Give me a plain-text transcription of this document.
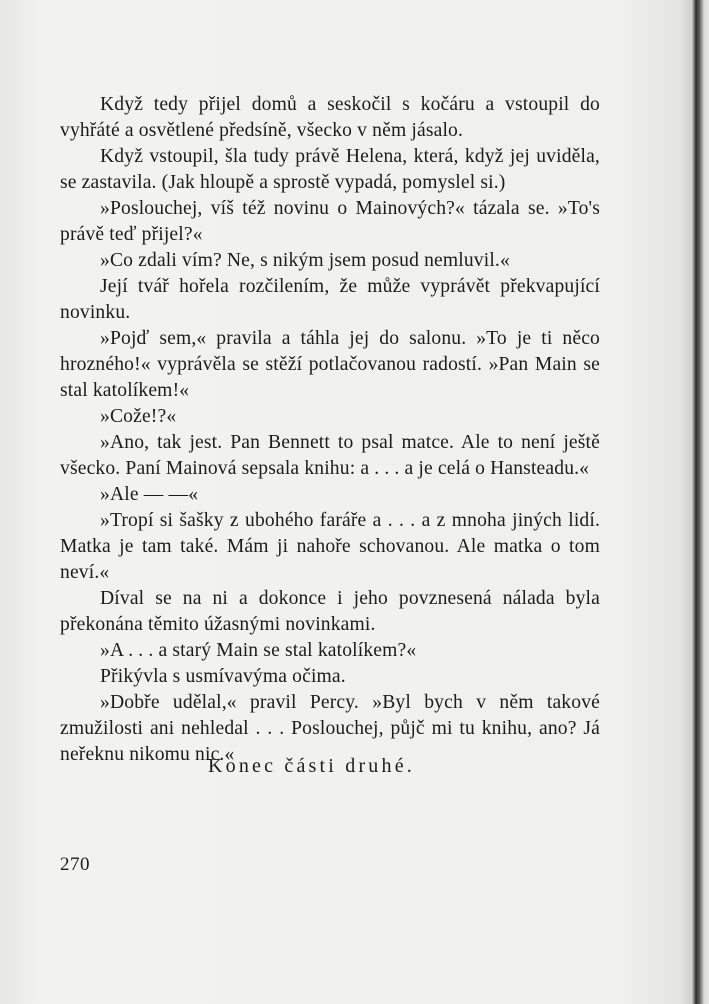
Když tedy přijel domů a seskočil s kočáru a vstoupil do vyhřáté a osvětlené předsíně, všecko v něm jásalo.

Když vstoupil, šla tudy právě Helena, která, když jej uviděla, se zastavila. (Jak hloupě a sprostě vypadá, pomyslel si.)

»Poslouchej, víš též novinu o Mainových?« tázala se. »To's právě teď přijel?«

»Co zdali vím? Ne, s nikým jsem posud nemluvil.«

Její tvář hořela rozčilením, že může vyprávět překvapující novinku.

»Pojď sem,« pravila a táhla jej do salonu. »To je ti něco hrozného!« vyprávěla se stěží potlačovanou radostí. »Pan Main se stal katolíkem!«

»Cože!?«

»Ano, tak jest. Pan Bennett to psal matce. Ale to není ještě všecko. Paní Mainová sepsala knihu: a . . . a je celá o Hansteadu.«

»Ale — —«

»Tropí si šašky z ubohého faráře a . . . a z mnoha jiných lidí. Matka je tam také. Mám ji nahoře schovanou. Ale matka o tom neví.«

Díval se na ni a dokonce i jeho povznesená nálada byla překonána těmito úžasnými novinkami.

»A . . . a starý Main se stal katolíkem?«

Přikývla s usmívavýma očima.

»Dobře udělal,« pravil Percy. »Byl bych v něm takové zmužilosti ani nehledal . . . Poslouchej, půjč mi tu knihu, ano? Já neřeknu nikomu nic.«

Konec části druhé.
270
